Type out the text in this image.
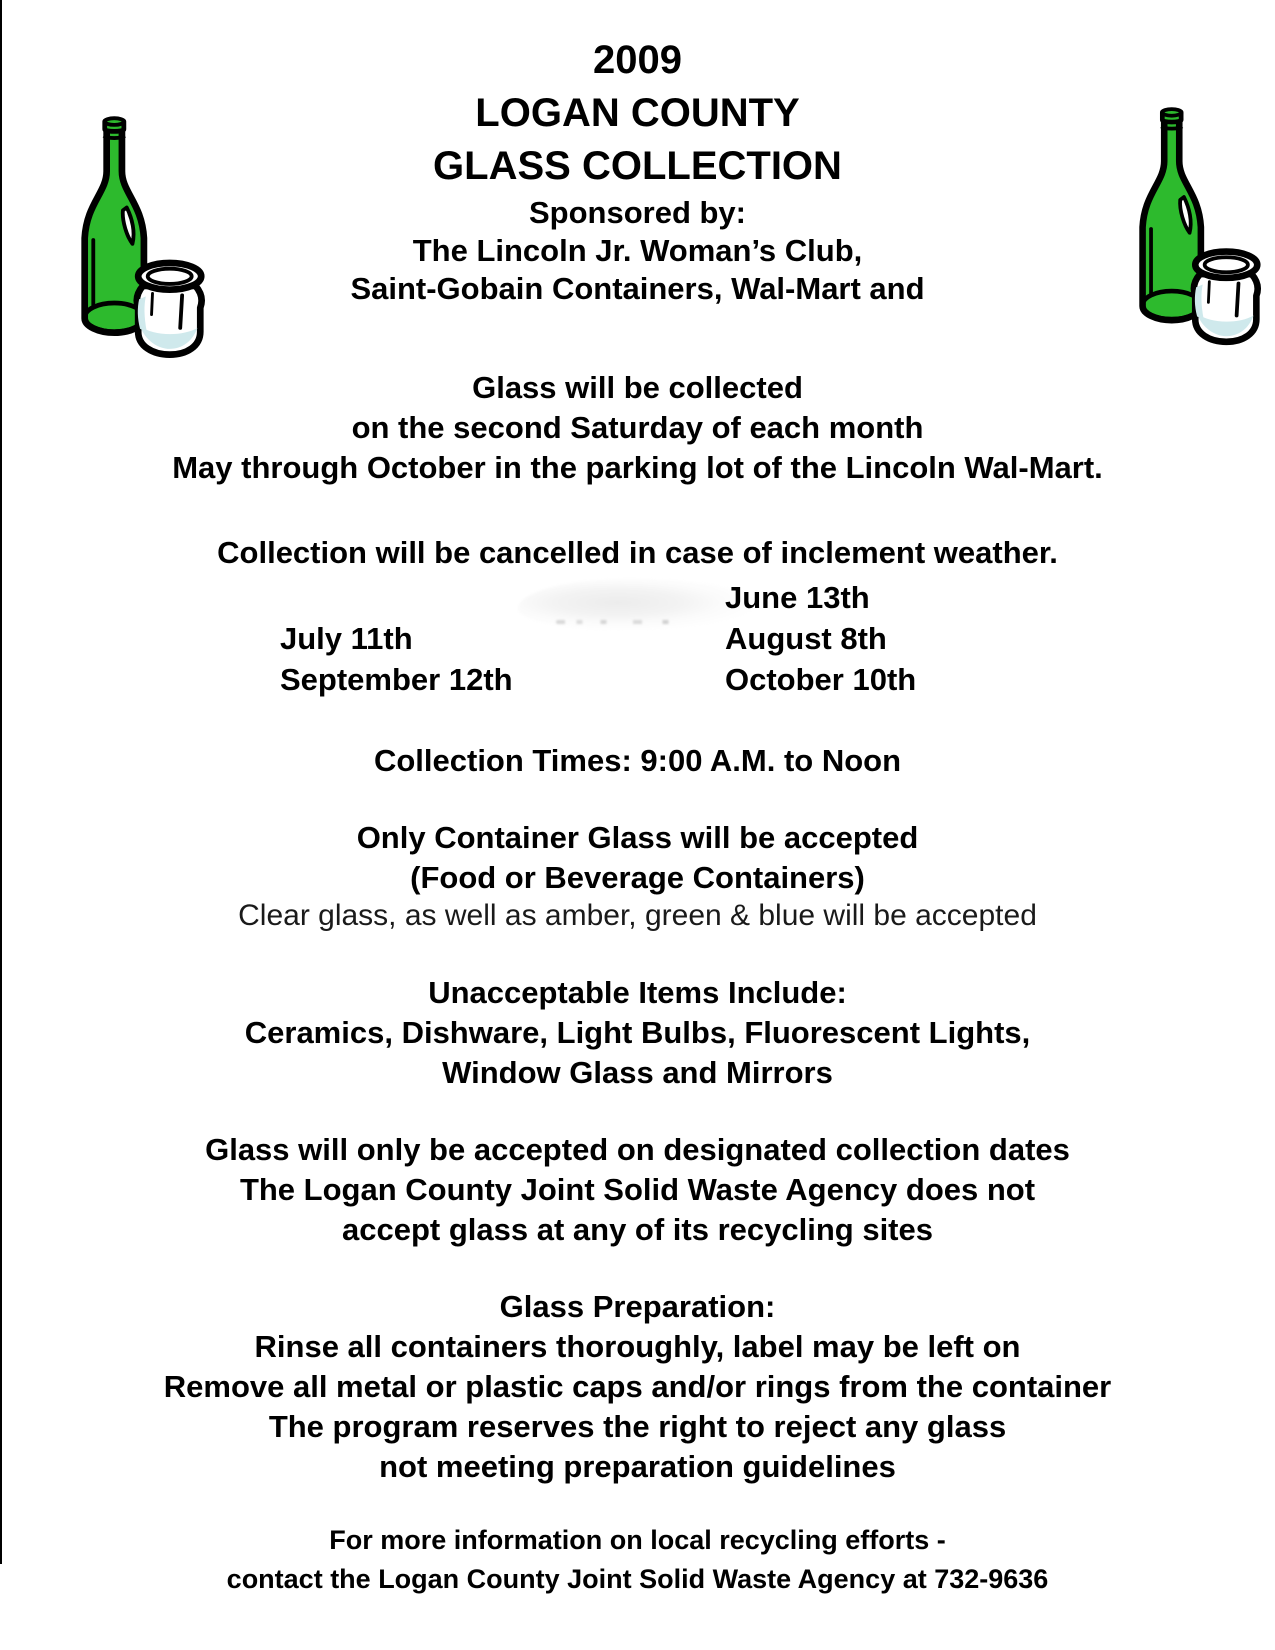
2009
LOGAN COUNTY
GLASS COLLECTION
Sponsored by:
The Lincoln Jr. Woman’s Club,
Saint-Gobain Containers, Wal-Mart and
Glass will be collected
on the second Saturday of each month
May through October in the parking lot of the Lincoln Wal-Mart.
Collection will be cancelled in case of inclement weather.
June 13th
July 11th	August 8th
September 12th	October 10th
Collection Times: 9:00 A.M. to Noon
Only Container Glass will be accepted
(Food or Beverage Containers)
Clear glass, as well as amber, green & blue will be accepted
Unacceptable Items Include:
Ceramics, Dishware, Light Bulbs, Fluorescent Lights,
Window Glass and Mirrors
Glass will only be accepted on designated collection dates
The Logan County Joint Solid Waste Agency does not
accept glass at any of its recycling sites
Glass Preparation:
Rinse all containers thoroughly, label may be left on
Remove all metal or plastic caps and/or rings from the container
The program reserves the right to reject any glass
not meeting preparation guidelines
For more information on local recycling efforts -
contact the Logan County Joint Solid Waste Agency at 732-9636
